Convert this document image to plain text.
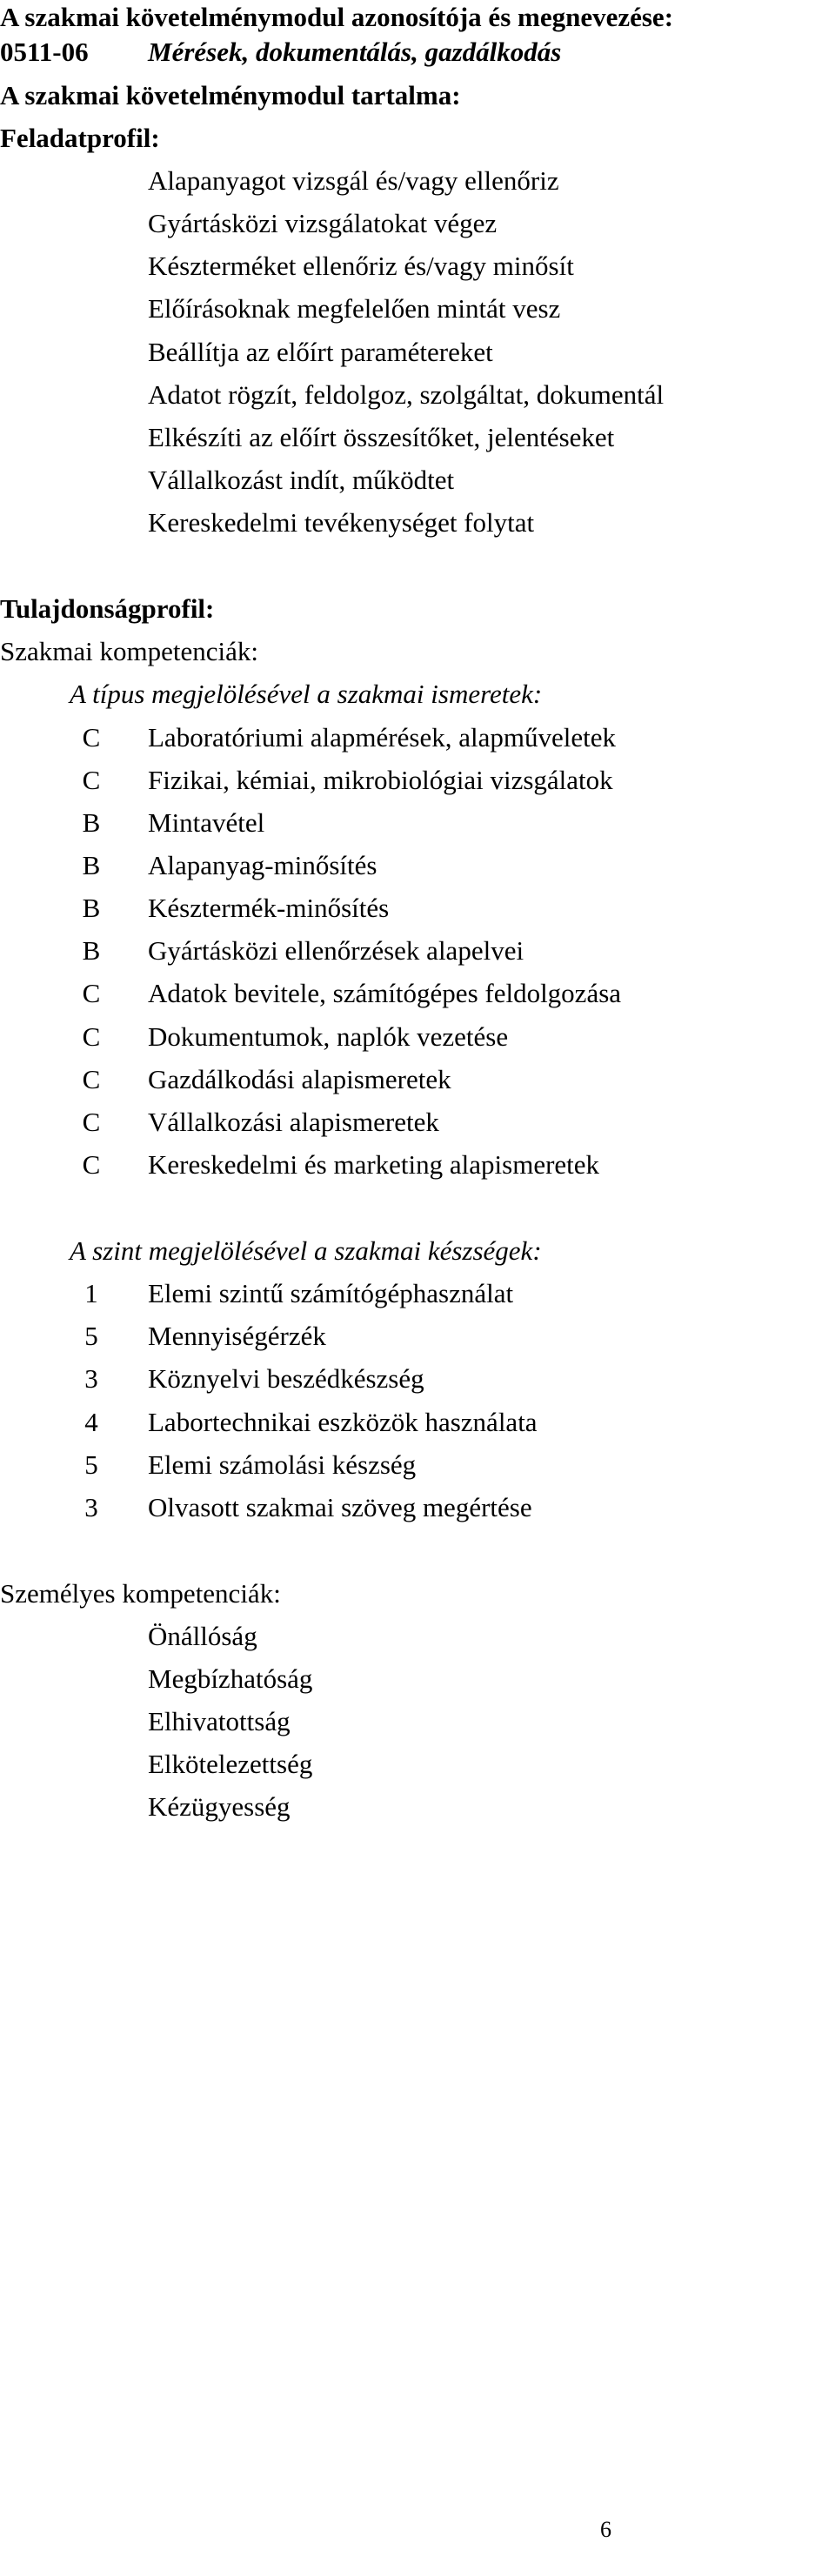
A szakmai követelménymodul azonosítója és megnevezése:
0511-06 Mérések, dokumentálás, gazdálkodás
A szakmai követelménymodul tartalma:
Feladatprofil:
Alapanyagot vizsgál és/vagy ellenőriz
Gyártásközi vizsgálatokat végez
Készterméket ellenőriz és/vagy minősít
Előírásoknak megfelelően mintát vesz
Beállítja az előírt paramétereket
Adatot rögzít, feldolgoz, szolgáltat, dokumentál
Elkészíti az előírt összesítőket, jelentéseket
Vállalkozást indít, működtet
Kereskedelmi tevékenységet folytat
Tulajdonságprofil:
Szakmai kompetenciák:
A típus megjelölésével a szakmai ismeretek:
C Laboratóriumi alapmérések, alapműveletek
C Fizikai, kémiai, mikrobiológiai vizsgálatok
B Mintavétel
B Alapanyag-minősítés
B Késztermék-minősítés
B Gyártásközi ellenőrzések alapelvei
C Adatok bevitele, számítógépes feldolgozása
C Dokumentumok, naplók vezetése
C Gazdálkodási alapismeretek
C Vállalkozási alapismeretek
C Kereskedelmi és marketing alapismeretek
A szint megjelölésével a szakmai készségek:
1 Elemi szintű számítógéphasználat
5 Mennyiségérzék
3 Köznyelvi beszédkészség
4 Labortechnikai eszközök használata
5 Elemi számolási készség
3 Olvasott szakmai szöveg megértése
Személyes kompetenciák:
Önállóság
Megbízhatóság
Elhivatottság
Elkötelezettség
Kézügyesség
6
